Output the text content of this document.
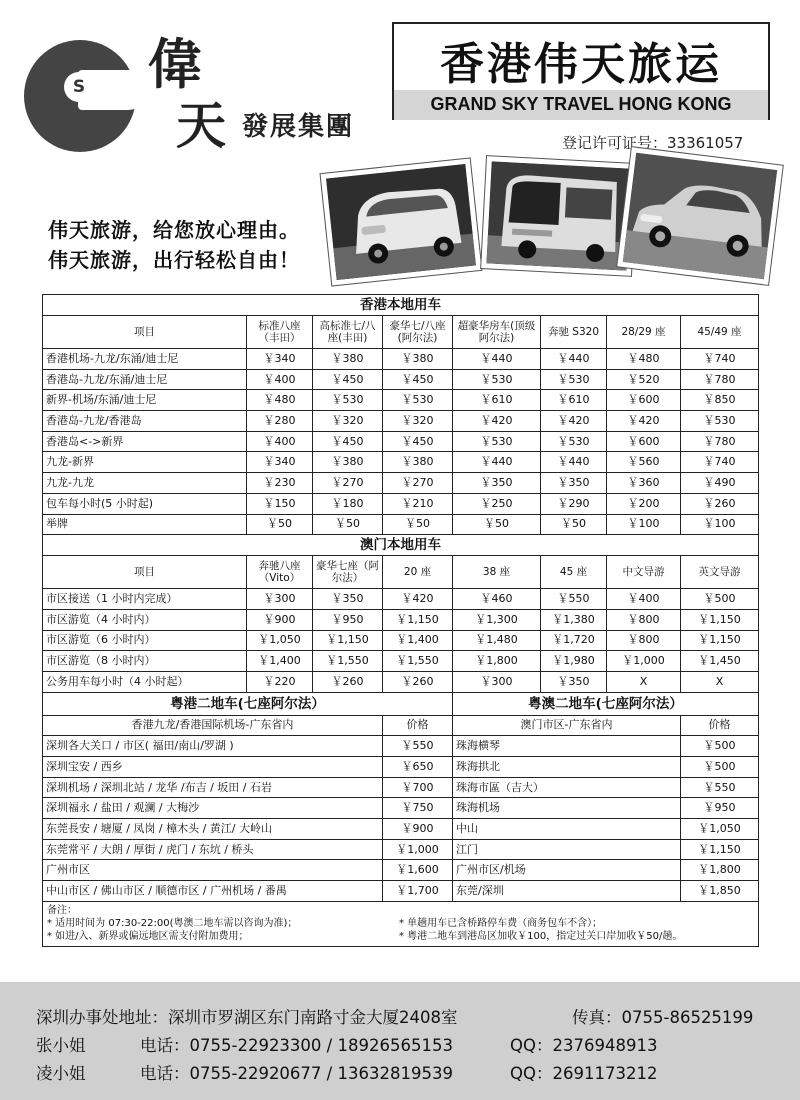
S 偉
天 發展集團
香港伟天旅运
GRAND SKY TRAVEL HONG KONG
登记许可证号：33361057
伟天旅游，给您放心理由。
伟天旅游，出行轻松自由！
香港本地用车							
项目	标准八座（丰田）	高标准七/八座(丰田)	豪华七/八座(阿尔法)	超豪华房车(顶级阿尔法)	奔驰 S320	28/29 座	45/49 座
香港机场-九龙/东涌/迪士尼	￥340	￥380	￥380	￥440	￥440	￥480	￥740
香港岛-九龙/东涌/迪士尼	￥400	￥450	￥450	￥530	￥530	￥520	￥780
新界-机场/东涌/迪士尼	￥480	￥530	￥530	￥610	￥610	￥600	￥850
香港岛-九龙/香港岛	￥280	￥320	￥320	￥420	￥420	￥420	￥530
香港岛<->新界	￥400	￥450	￥450	￥530	￥530	￥600	￥780
九龙-新界	￥340	￥380	￥380	￥440	￥440	￥560	￥740
九龙-九龙	￥230	￥270	￥270	￥350	￥350	￥360	￥490
包车每小时(5 小时起)	￥150	￥180	￥210	￥250	￥290	￥200	￥260
举牌	￥50	￥50	￥50	￥50	￥50	￥100	￥100
澳门本地用车							
项目	奔驰八座（Vito）	豪华七座（阿尔法）	20 座	38 座	45 座	中文导游	英文导游
市区接送（1 小时内完成）	￥300	￥350	￥420	￥460	￥550	￥400	￥500
市区游览（4 小时内）	￥900	￥950	￥1,150	￥1,300	￥1,380	￥800	￥1,150
市区游览（6 小时内）	￥1,050	￥1,150	￥1,400	￥1,480	￥1,720	￥800	￥1,150
市区游览（8 小时内）	￥1,400	￥1,550	￥1,550	￥1,800	￥1,980	￥1,000	￥1,450
公务用车每小时（4 小时起）	￥220	￥260	￥260	￥300	￥350	X	X
粤港二地车(七座阿尔法）				粤澳二地车(七座阿尔法）			
香港九龙/香港国际机场-广东省内			价格	澳门市区-广东省内			价格
深圳各大关口 / 市区( 福田/南山/罗湖 )			￥550	珠海横琴			￥500
深圳宝安 / 西乡			￥650	珠海拱北			￥500
深圳机场 / 深圳北站 / 龙华 /布吉 / 坂田 / 石岩			￥700	珠海市區（吉大）			￥550
深圳福永 / 盐田 / 观澜 / 大梅沙			￥750	珠海机场			￥950
东莞長安 / 塘厦 / 凤岗 / 樟木头 / 黄江/ 大岭山			￥900	中山			￥1,050
东莞常平 / 大朗 / 厚街 / 虎门 / 东坑 / 桥头			￥1,000	江门			￥1,150
广州市区			￥1,600	广州市区/机场			￥1,800
中山市区 / 佛山市区 / 顺德市区 / 广州机场 / 番禺			￥1,700	东莞/深圳			￥1,850

备注：
* 适用时间为 07:30-22:00(粤澳二地车需以咨询为准)； * 单趟用车已含桥路停车费（商务包车不含）；
* 如进/入、新界或偏远地区需支付附加费用； * 粤港二地车到港岛区加收￥100，指定过关口岸加收￥50/趟。							
深圳办事处地址：深圳市罗湖区东门南路寸金大厦2408室	传真：0755-86525199
张小姐	电话：0755-22923300 / 18926565153	QQ：2376948913
凌小姐	电话：0755-22920677 / 13632819539	QQ：2691173212
